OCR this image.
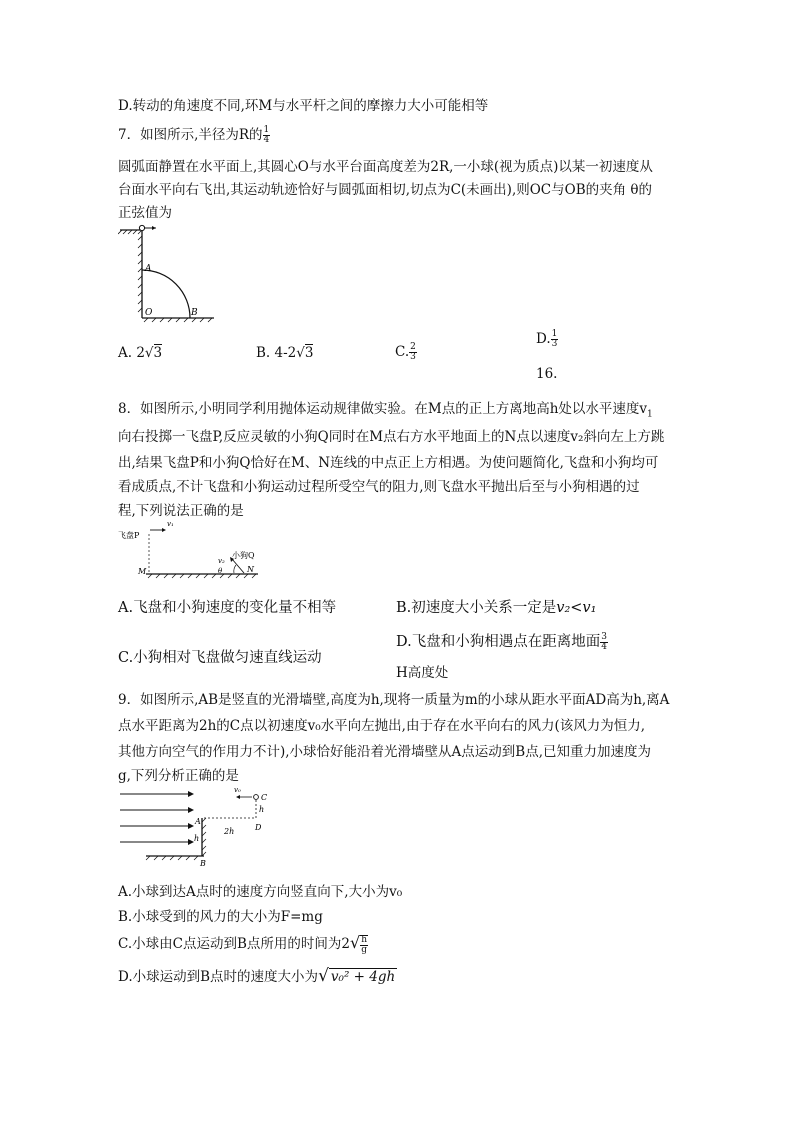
D.转动的角速度不同,环M与水平杆之间的摩擦力大小可能相等
7．如图所示,半径为R的 $\frac{1}{4}$
圆弧面静置在水平面上,其圆心O与水平台面高度差为2R,一小球(视为质点)以某一初速度从
台面水平向右飞出,其运动轨迹恰好与圆弧面相切,切点为C(未画出),则OC与OB的夹角 θ的
正弦值为
A
O	B
A. 2√3	B. 4-2√3	C. $\frac{2}{3}$
D. $\frac{1}{3}$
16.
8．如图所示,小明同学利用抛体运动规律做实验。在M点的正上方离地高h处以水平速度$v_1$
向右投掷一飞盘P,反应灵敏的小狗Q同时在M点右方水平地面上的N点以速度v₂斜向左上方跳
出,结果飞盘P和小狗Q恰好在M、N连线的中点正上方相遇。为使问题简化,飞盘和小狗均可
看成质点,不计飞盘和小狗运动过程所受空气的阻力,则飞盘水平抛出后至与小狗相遇的过
程,下列说法正确的是
飞盘P
v₁
M
v₂
小狗Q
θ	N
A.飞盘和小狗速度的变化量不相等	B.初速度大小关系一定是v₂<v₁
C.小狗相对飞盘做匀速直线运动
D.飞盘和小狗相遇点在距离地面 $\frac{3}{4}$
H高度处
9．如图所示,AB是竖直的光滑墙壁,高度为h,现将一质量为m的小球从距水平面AD高为h,离A
点水平距离为2h的C点以初速度v₀水平向左抛出,由于存在水平向右的风力(该风力为恒力,
其他方向空气的作用力不计),小球恰好能沿着光滑墙壁从A点运动到B点,已知重力加速度为
g,下列分析正确的是
v₀
C
h
D
A
h
B
2h
A.小球到达A点时的速度方向竖直向下,大小为v₀
B.小球受到的风力的大小为F=mg
C.小球由C点运动到B点所用的时间为$2√ \frac{h}{g}$
D.小球运动到B点时的速度大小为√ v₀² + 4gh
